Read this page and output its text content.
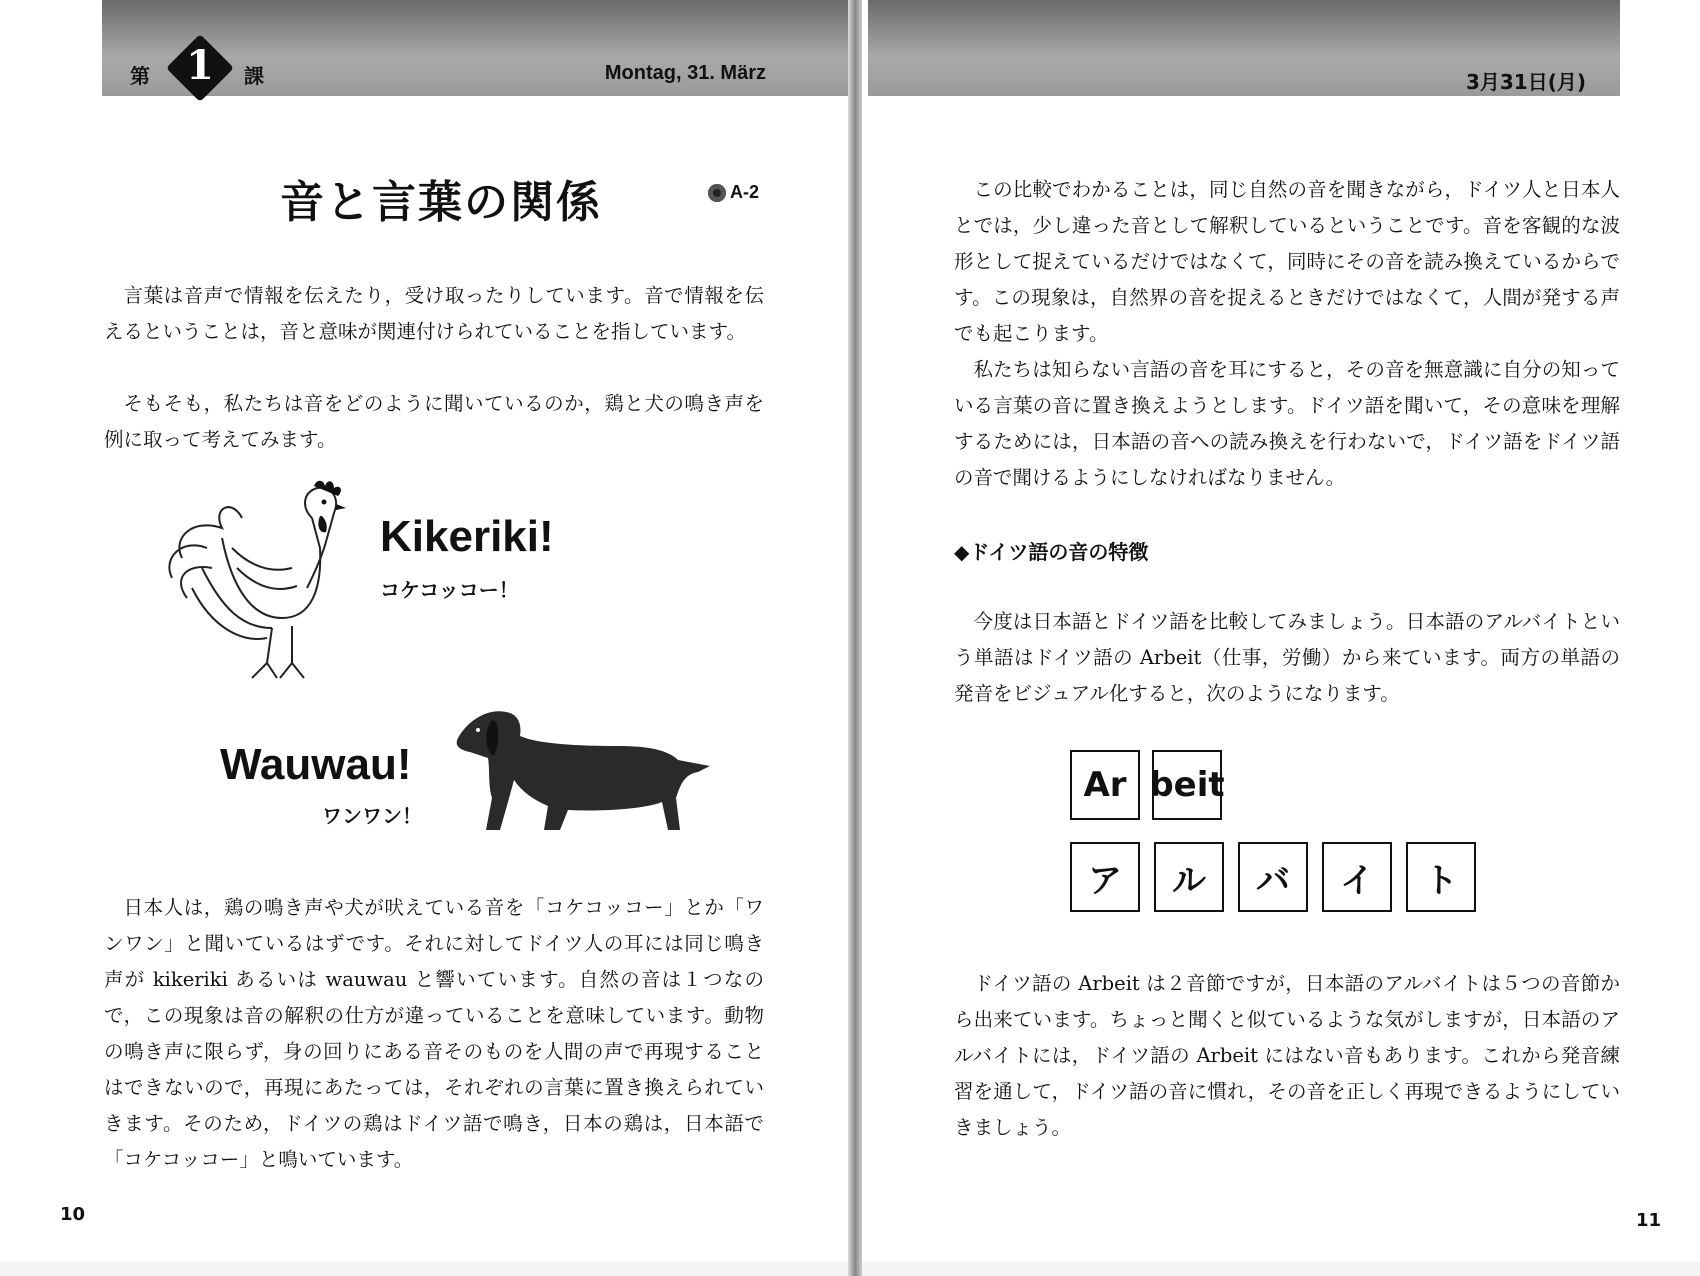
第 1	課	Montag, 31. März
音と言葉の関係	A-2

言葉は音声で情報を伝えたり，受け取ったりしています。音で情報を伝えるということは，音と意味が関連付けられていることを指しています。

そもそも，私たちは音をどのように聞いているのか，鶏と犬の鳴き声を例に取って考えてみます。

Kikeriki!
コケコッコー！
Wauwau!
ワンワン！

日本人は，鶏の鳴き声や犬が吠えている音を「コケコッコー」とか「ワンワン」と聞いているはずです。それに対してドイツ人の耳には同じ鳴き声が kikeriki あるいは wauwau と響いています。自然の音は１つなので，この現象は音の解釈の仕方が違っていることを意味しています。動物の鳴き声に限らず，身の回りにある音そのものを人間の声で再現することはできないので，再現にあたっては，それぞれの言葉に置き換えられていきます。そのため，ドイツの鶏はドイツ語で鳴き，日本の鶏は，日本語で「コケコッコー」と鳴いています。

10
3月31日(月)

この比較でわかることは，同じ自然の音を聞きながら，ドイツ人と日本人とでは，少し違った音として解釈しているということです。音を客観的な波形として捉えているだけではなくて，同時にその音を読み換えているからです。この現象は，自然界の音を捉えるときだけではなくて，人間が発する声でも起こります。

私たちは知らない言語の音を耳にすると，その音を無意識に自分の知っている言葉の音に置き換えようとします。ドイツ語を聞いて，その意味を理解するためには，日本語の音への読み換えを行わないで，ドイツ語をドイツ語の音で聞けるようにしなければなりません。

◆ドイツ語の音の特徴

今度は日本語とドイツ語を比較してみましょう。日本語のアルバイトという単語はドイツ語の Arbeit（仕事，労働）から来ています。両方の単語の発音をビジュアル化すると，次のようになります。

Ar beit
ア	ル	バ	イ	ト

ドイツ語の Arbeit は２音節ですが，日本語のアルバイトは５つの音節から出来ています。ちょっと聞くと似ているような気がしますが，日本語のアルバイトには，ドイツ語の Arbeit にはない音もあります。これから発音練習を通して，ドイツ語の音に慣れ，その音を正しく再現できるようにしていきましょう。

11
